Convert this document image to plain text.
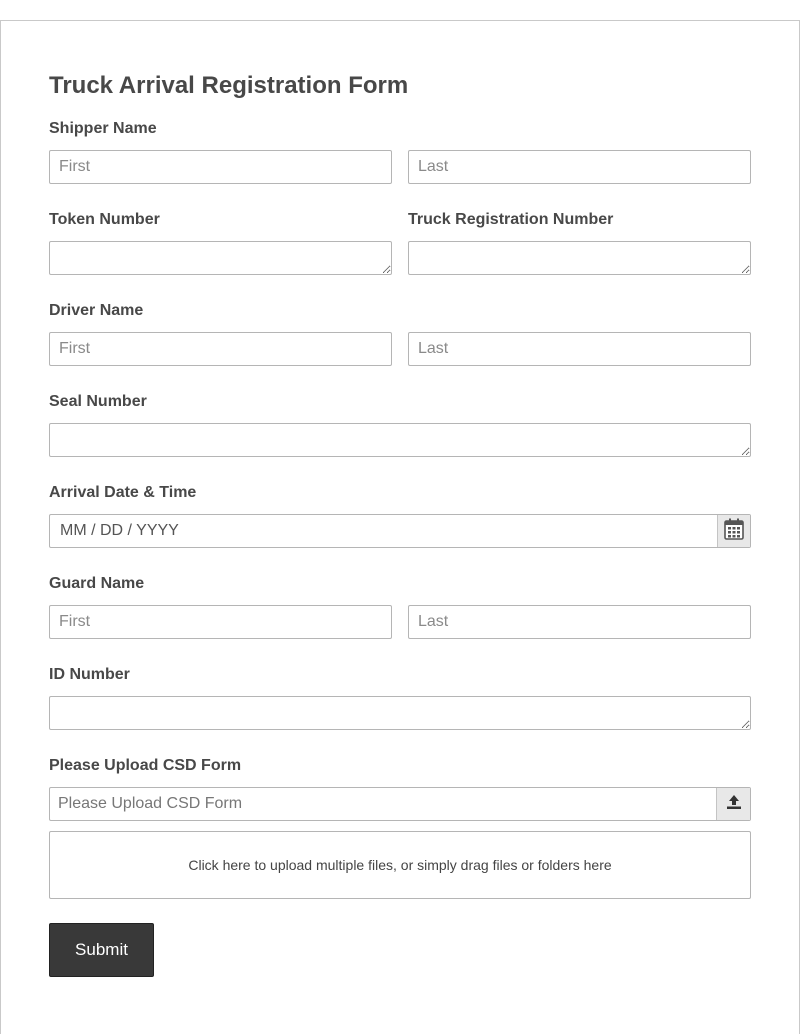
Truck Arrival Registration Form
Shipper Name
First
Last
Token Number	Truck Registration Number
Driver Name
First
Last
Seal Number
Arrival Date & Time
MM / DD / YYYY
Guard Name
First
Last
ID Number
Please Upload CSD Form
Please Upload CSD Form
Click here to upload multiple files, or simply drag files or folders here
Submit
